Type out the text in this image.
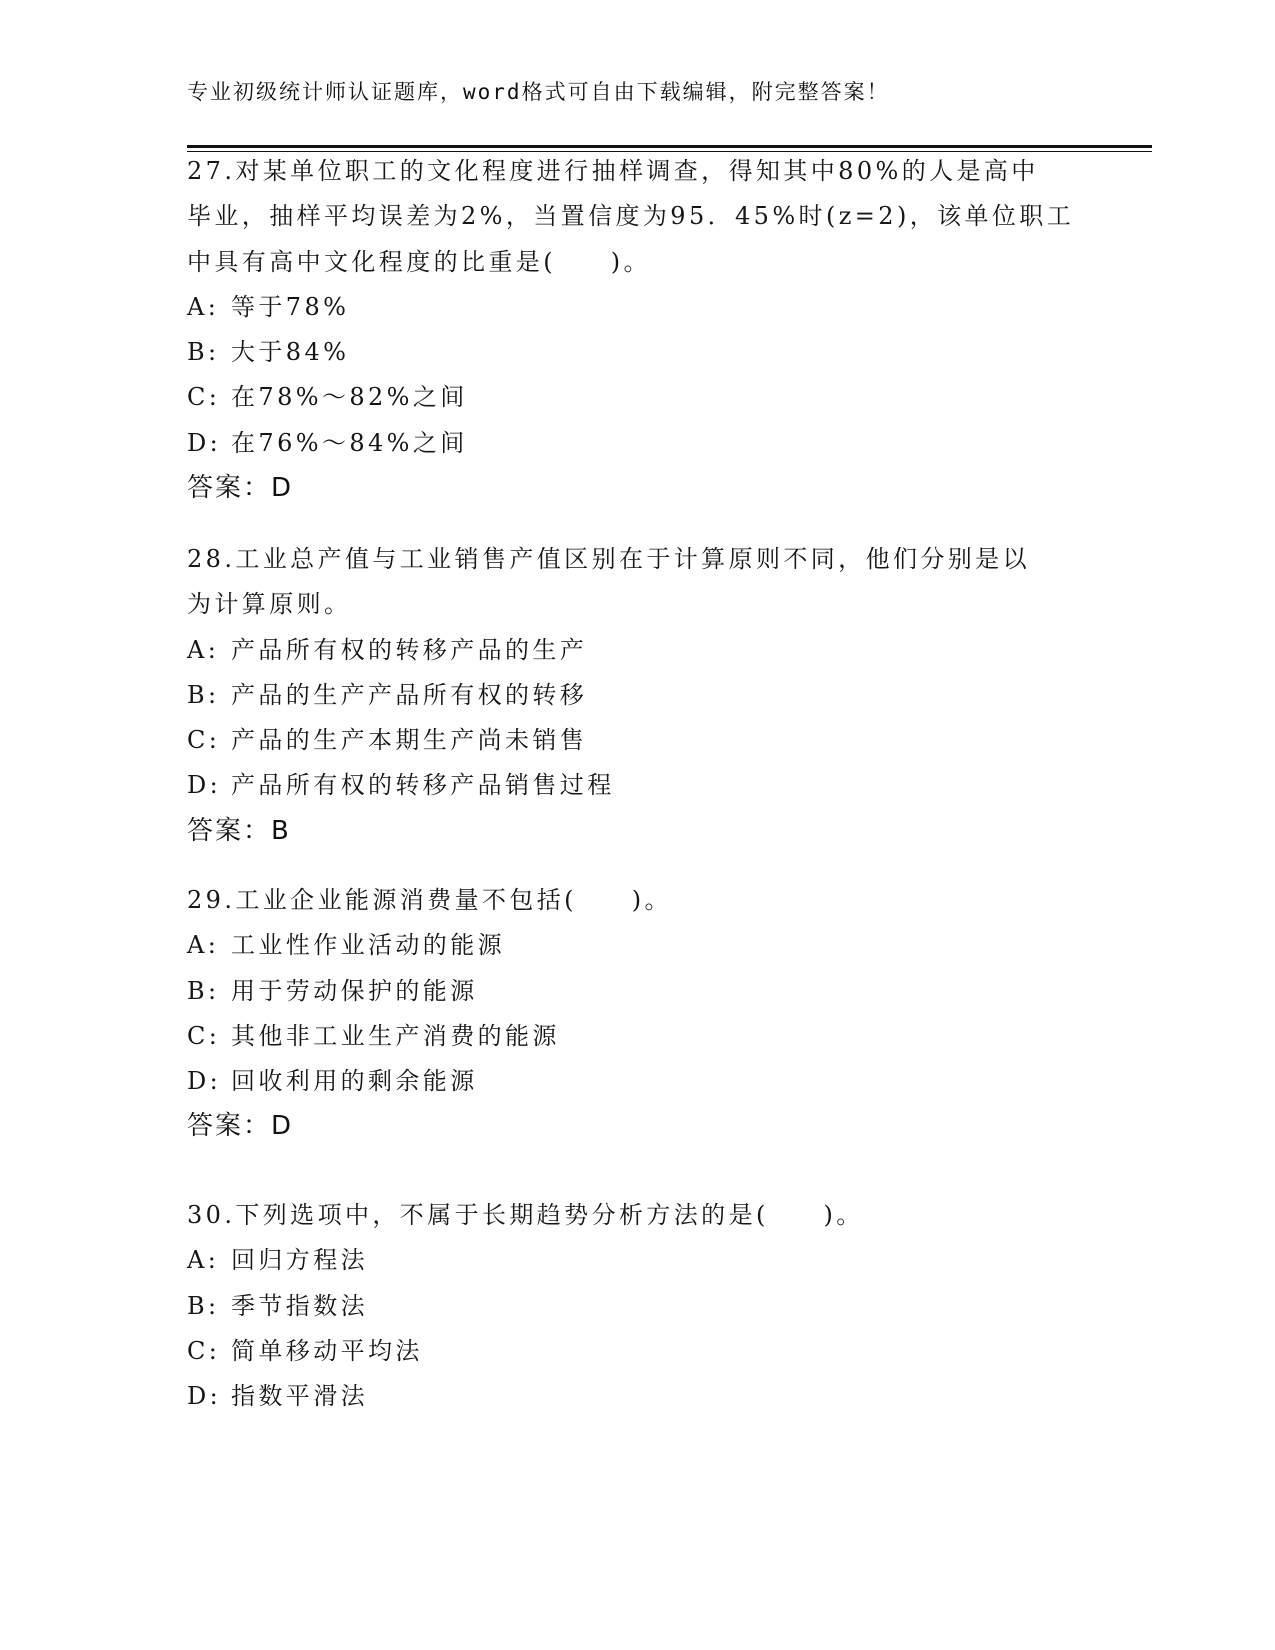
专业初级统计师认证题库，word格式可自由下载编辑，附完整答案！
27.对某单位职工的文化程度进行抽样调查，得知其中80%的人是高中
毕业，抽样平均误差为2%，当置信度为95．45%时(z=2)，该单位职工
中具有高中文化程度的比重是(　　)。
A: 等于78%
B: 大于84%
C: 在78%～82%之间
D: 在76%～84%之间
答案：D
28.工业总产值与工业销售产值区别在于计算原则不同，他们分别是以
为计算原则。
A: 产品所有权的转移产品的生产
B: 产品的生产产品所有权的转移
C: 产品的生产本期生产尚未销售
D: 产品所有权的转移产品销售过程
答案：B
29.工业企业能源消费量不包括(　　)。
A: 工业性作业活动的能源
B: 用于劳动保护的能源
C: 其他非工业生产消费的能源
D: 回收利用的剩余能源
答案：D
30.下列选项中，不属于长期趋势分析方法的是(　　)。
A: 回归方程法
B: 季节指数法
C: 简单移动平均法
D: 指数平滑法
